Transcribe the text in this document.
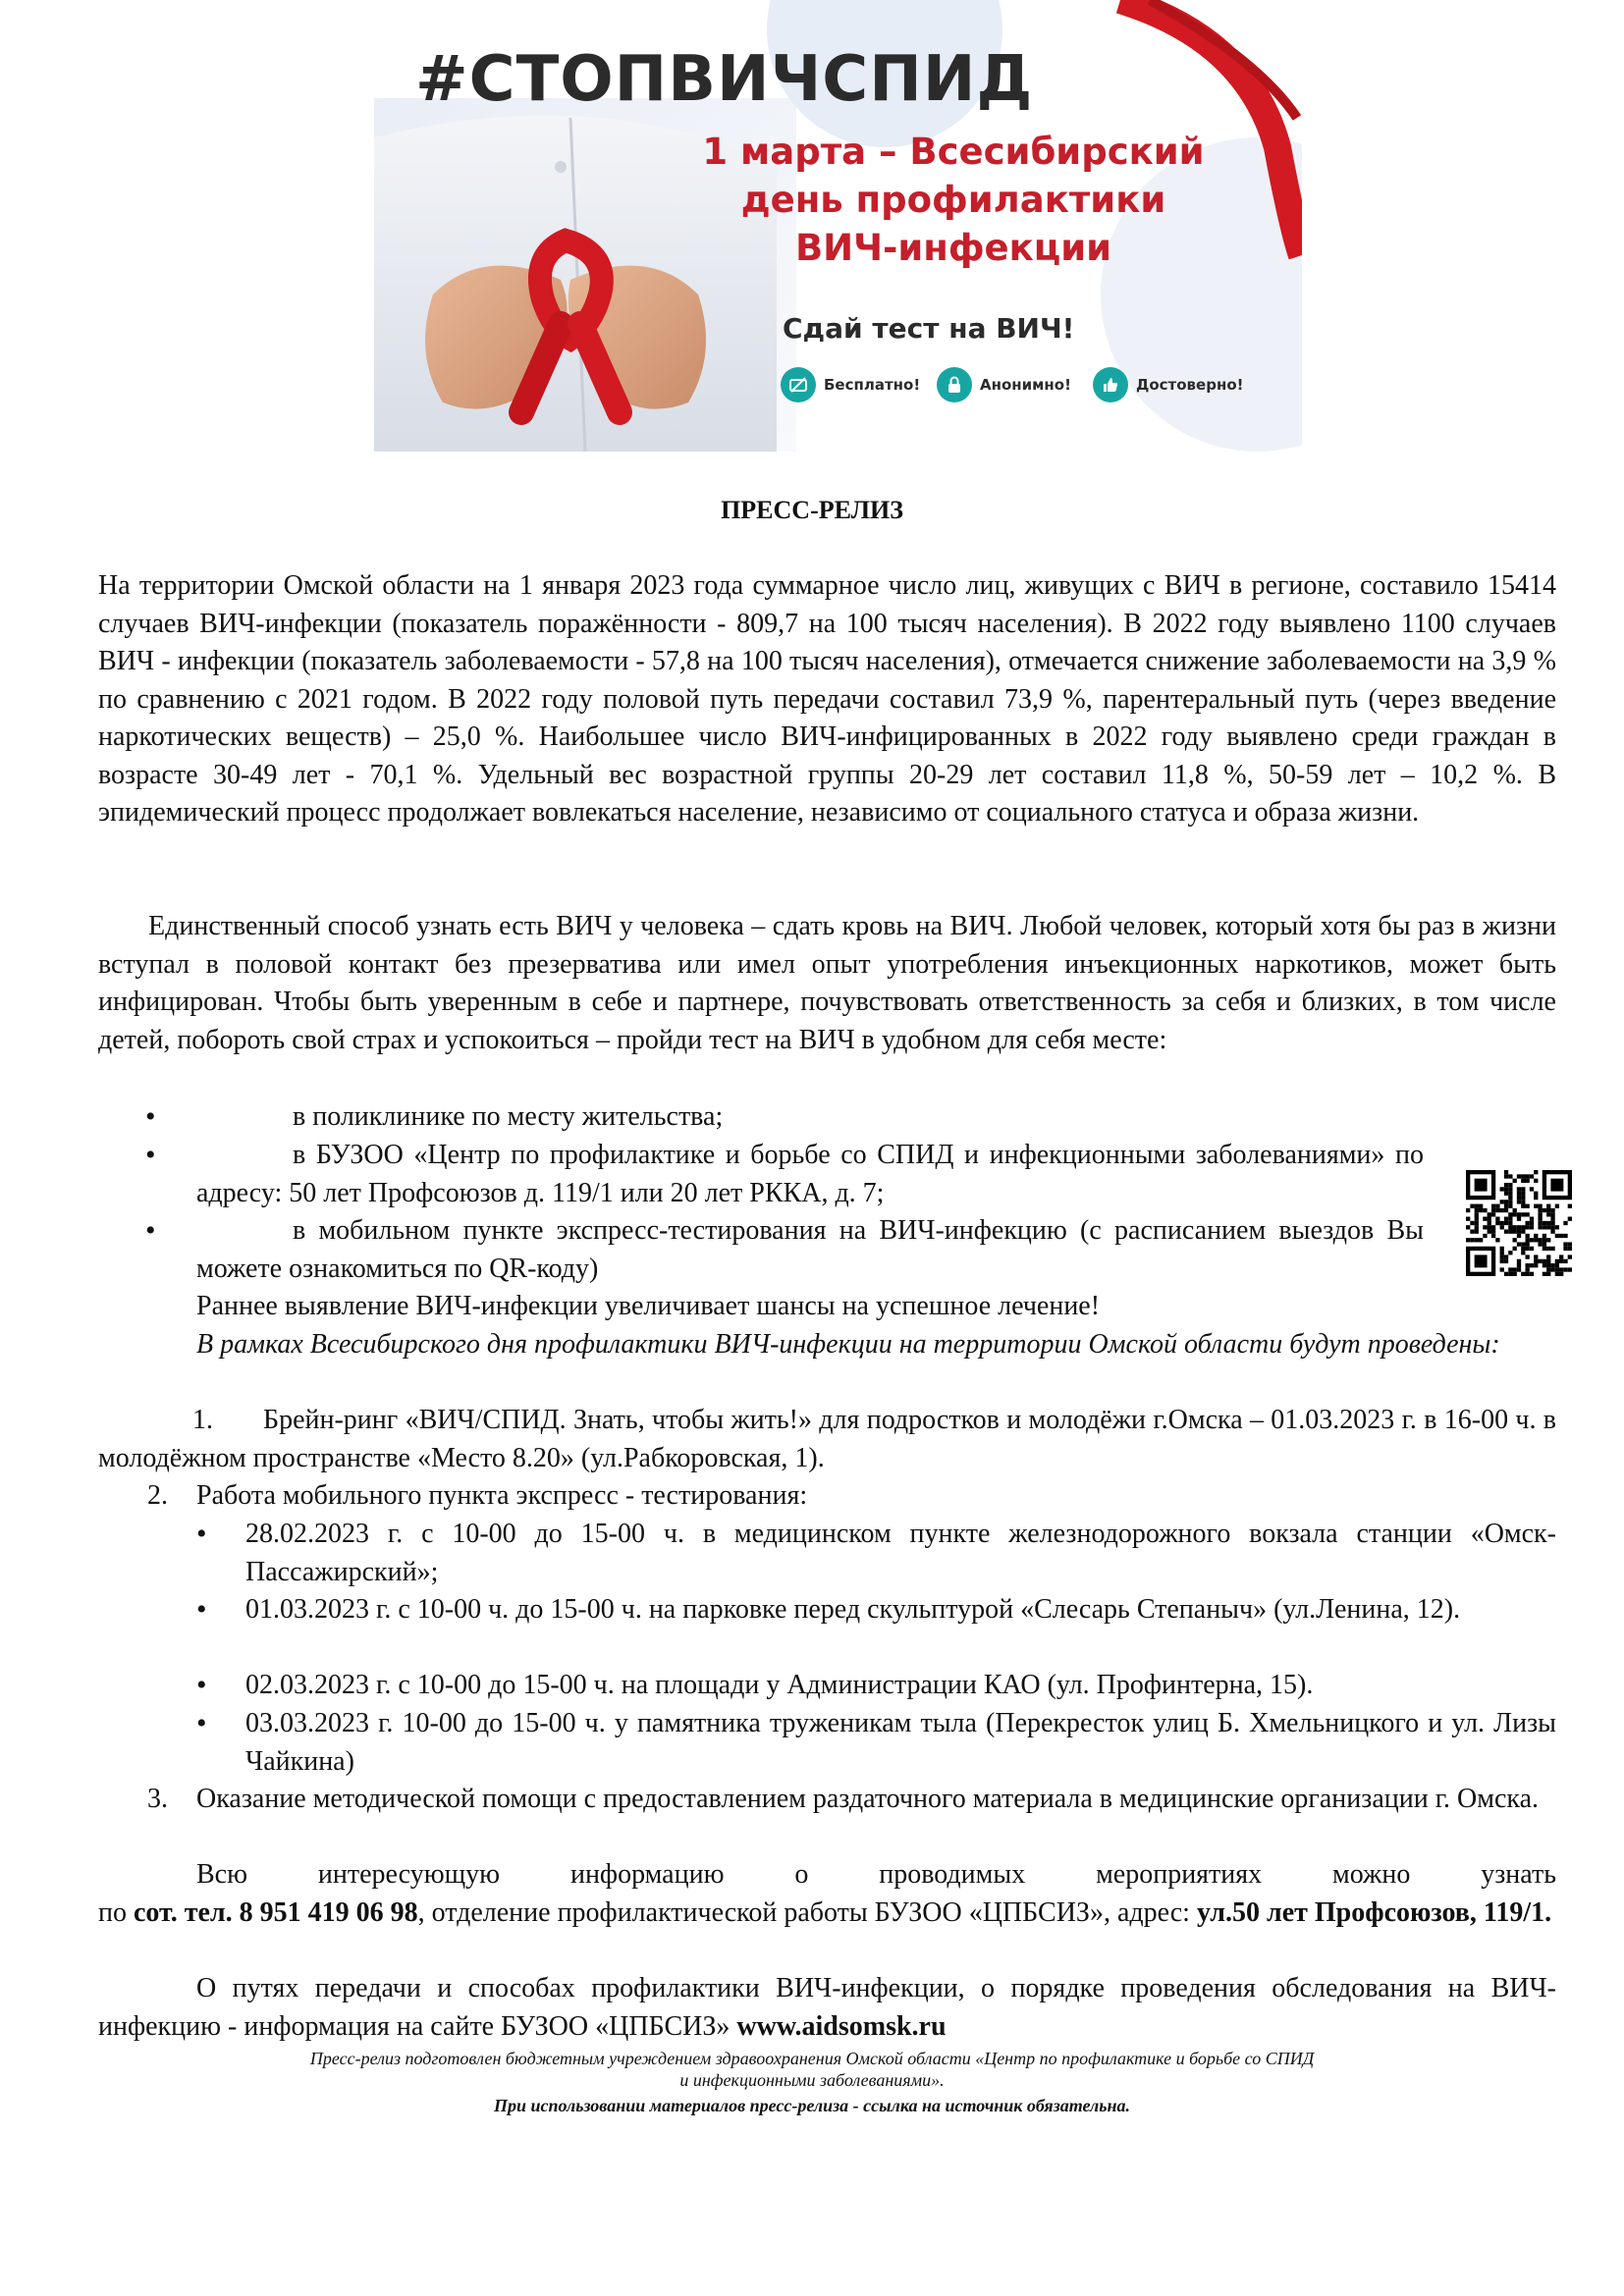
#СТОПВИЧСПИД
1 марта – Всесибирский
день профилактики
ВИЧ-инфекции
Сдай тест на ВИЧ!
Бесплатно!	Анонимно!	Достоверно!
ПРЕСС-РЕЛИЗ
На территории Омской области на 1 января 2023 года суммарное число лиц, живущих с ВИЧ в регионе, составило 15414 случаев ВИЧ-инфекции (показатель поражённости - 809,7 на 100 тысяч населения). В 2022 году выявлено 1100 случаев ВИЧ - инфекции (показатель заболеваемости - 57,8 на 100 тысяч населения), отмечается снижение заболеваемости на 3,9 % по сравнению с 2021 годом. В 2022 году половой путь передачи составил 73,9 %, парентеральный путь (через введение наркотических веществ) – 25,0 %. Наибольшее число ВИЧ-инфицированных в 2022 году выявлено среди граждан в возрасте 30-49 лет - 70,1 %. Удельный вес возрастной группы 20-29 лет составил 11,8 %, 50-59 лет – 10,2 %. В эпидемический процесс продолжает вовлекаться население, независимо от социального статуса и образа жизни.
Единственный способ узнать есть ВИЧ у человека – сдать кровь на ВИЧ. Любой человек, который хотя бы раз в жизни вступал в половой контакт без презерватива или имел опыт употребления инъекционных наркотиков, может быть инфицирован. Чтобы быть уверенным в себе и партнере, почувствовать ответственность за себя и близких, в том числе детей, побороть свой страх и успокоиться – пройди тест на ВИЧ в удобном для себя месте:
•	в поликлинике по месту жительства;
•	в БУЗОО «Центр по профилактике и борьбе со СПИД и инфекционными заболеваниями» по адресу: 50 лет Профсоюзов д. 119/1 или 20 лет РККА, д. 7;
•	в мобильном пункте экспресс-тестирования на ВИЧ-инфекцию (с расписанием выездов Вы можете ознакомиться по QR-коду)
Раннее выявление ВИЧ-инфекции увеличивает шансы на успешное лечение!
В рамках Всесибирского дня профилактики ВИЧ-инфекции на территории Омской области будут проведены:
1.	Брейн-ринг «ВИЧ/СПИД. Знать, чтобы жить!» для подростков и молодёжи г.Омска – 01.03.2023 г. в 16-00 ч. в молодёжном пространстве «Место 8.20» (ул.Рабкоровская, 1).
2. Работа мобильного пункта экспресс - тестирования:
• 28.02.2023 г. с 10-00 до 15-00 ч. в медицинском пункте железнодорожного вокзала станции «Омск-Пассажирский»;
• 01.03.2023 г. с 10-00 ч. до 15-00 ч. на парковке перед скульптурой «Слесарь Степаныч» (ул.Ленина, 12).
• 02.03.2023 г. с 10-00 до 15-00 ч. на площади у Администрации КАО (ул. Профинтерна, 15).
• 03.03.2023 г. 10-00 до 15-00 ч. у памятника труженикам тыла (Перекресток улиц Б. Хмельницкого и ул. Лизы Чайкина)
3. Оказание методической помощи с предоставлением раздаточного материала в медицинские организации г. Омска.
Всю интересующую информацию о проводимых мероприятиях можно узнать
по сот. тел. 8 951 419 06 98, отделение профилактической работы БУЗОО «ЦПБСИЗ», адрес: ул.50 лет Профсоюзов, 119/1.
О путях передачи и способах профилактики ВИЧ-инфекции, о порядке проведения обследования на ВИЧ-инфекцию - информация на сайте БУЗОО «ЦПБСИЗ» www.aidsomsk.ru
Пресс-релиз подготовлен бюджетным учреждением здравоохранения Омской области «Центр по профилактике и борьбе со СПИД
и инфекционными заболеваниями».
При использовании материалов пресс-релиза - ссылка на источник обязательна.
